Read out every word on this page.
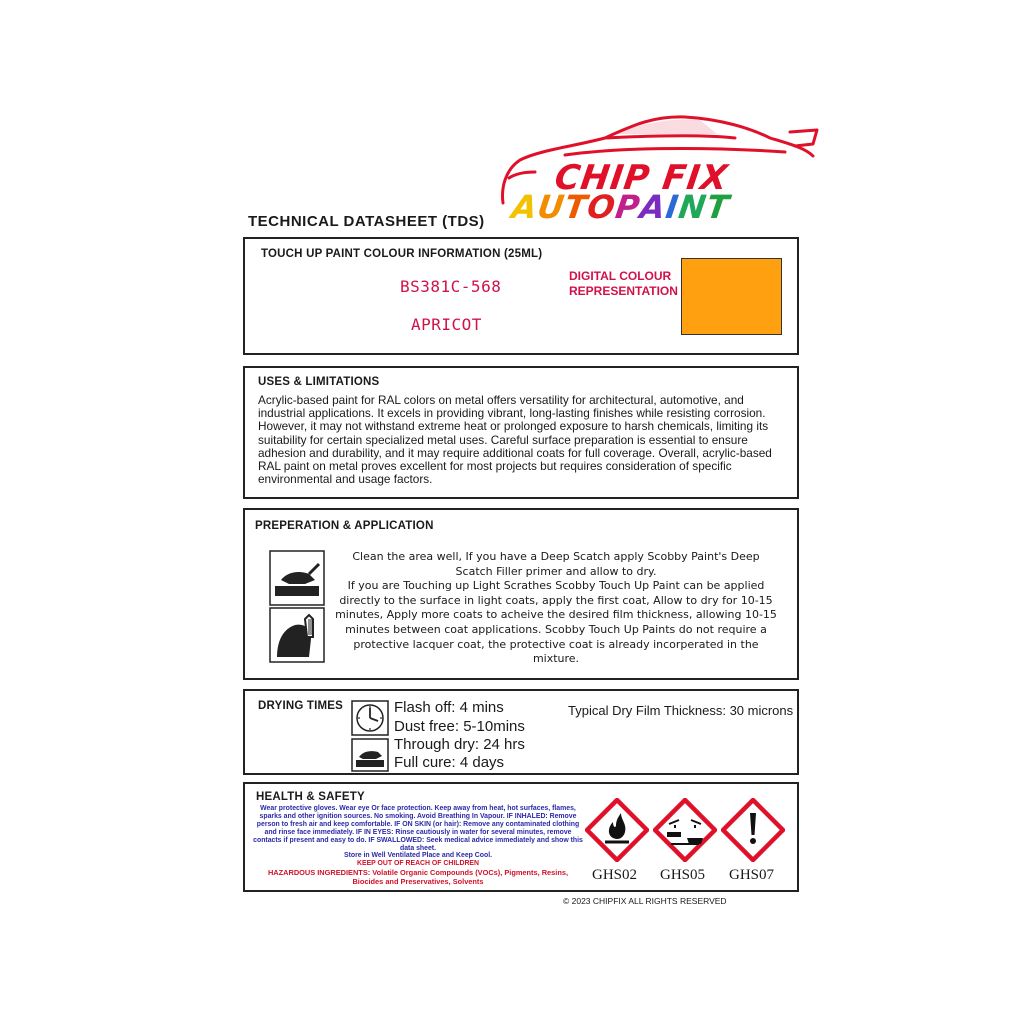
CHIP FIX
AUTOPAINT
TECHNICAL DATASHEET (TDS)
TOUCH UP PAINT COLOUR INFORMATION (25ML)
BS381C-568
APRICOT
DIGITAL COLOUR REPRESENTATION
USES & LIMITATIONS
Acrylic-based paint for RAL colors on metal offers versatility for architectural, automotive, and industrial applications. It excels in providing vibrant, long-lasting finishes while resisting corrosion. However, it may not withstand extreme heat or prolonged exposure to harsh chemicals, limiting its suitability for certain specialized metal uses. Careful surface preparation is essential to ensure adhesion and durability, and it may require additional coats for full coverage. Overall, acrylic-based RAL paint on metal proves excellent for most projects but requires consideration of specific environmental and usage factors.
PREPERATION & APPLICATION
Clean the area well, If you have a Deep Scatch apply Scobby Paint's Deep Scatch Filler primer and allow to dry.
If you are Touching up Light Scrathes Scobby Touch Up Paint can be applied directly to the surface in light coats, apply the first coat, Allow to dry for 10-15 minutes, Apply more coats to acheive the desired film thickness, allowing 10-15 minutes between coat applications. Scobby Touch Up Paints do not require a protective lacquer coat, the protective coat is already incorperated in the mixture.
DRYING TIMES	Flash off: 4 mins
Dust free: 5-10mins
Through dry: 24 hrs
Full cure: 4 days
Typical Dry Film Thickness: 30 microns
HEALTH & SAFETY
Wear protective gloves. Wear eye Or face protection. Keep away from heat, hot surfaces, flames, sparks and other ignition sources. No smoking. Avoid Breathing In Vapour. IF INHALED: Remove person to fresh air and keep comfortable. IF ON SKIN (or hair): Remove any contaminated clothing and rinse face immediately. IF IN EYES: Rinse cautiously in water for several minutes, remove contacts if present and easy to do. IF SWALLOWED: Seek medical advice immediately and show this data sheet.
Store in Well Ventilated Place and Keep Cool.
KEEP OUT OF REACH OF CHILDREN
HAZARDOUS INGREDIENTS: Volatile Organic Compounds (VOCs), Pigments, Resins, Biocides and Preservatives, Solvents	GHS02 GHS05 GHS07
© 2023 CHIPFIX ALL RIGHTS RESERVED
